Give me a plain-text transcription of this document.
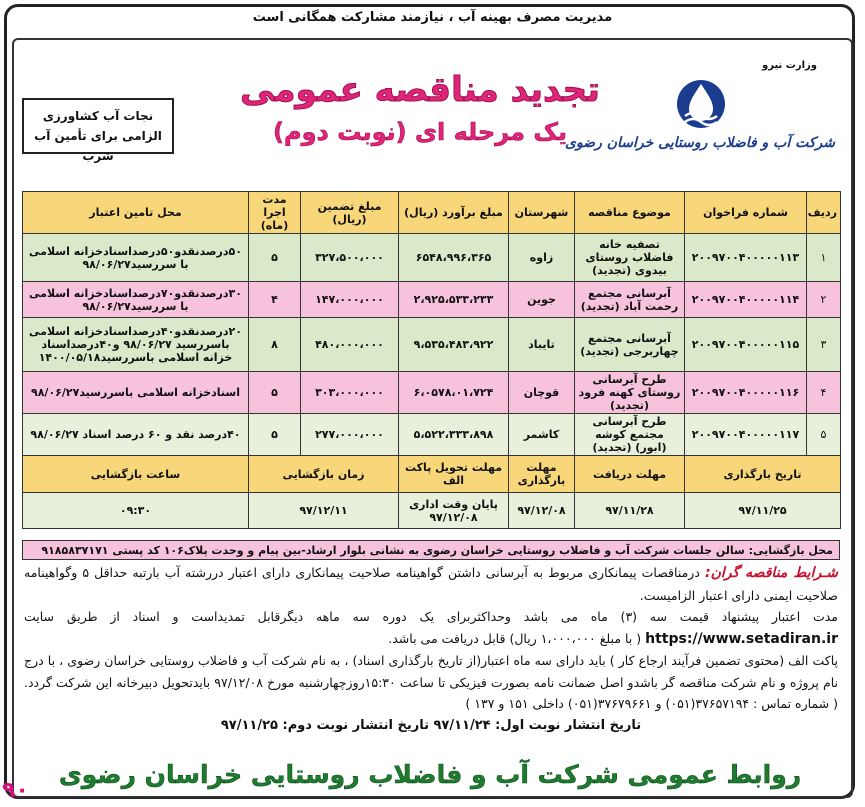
مدیریت مصرف بهینه آب ، نیازمند مشارکت همگانی است
وزارت نیرو
شرکت آب و فاضلاب روستایی خراسان رضوی
تجدید مناقصه عمومی
یک مرحله ای (نوبت دوم)
نجات آب کشاورزی
الزامی برای تأمین آب شرب
ردیف	شماره فراخوان	موضوع مناقصه	شهرستان	مبلغ برآورد (ریال)	مبلغ تضمین (ریال)	مدت اجرا (ماه)	محل تامین اعتبار
۱	۲۰۰۹۷۰۰۴۰۰۰۰۰۱۱۳	تصفیه خانه فاضلاب روستای بیدوی (تجدید)	زاوه	۶۵۴۸،۹۹۶،۳۶۵	۳۲۷،۵۰۰،۰۰۰	۵	۵۰درصدنقدو۵۰درصداسنادخزانه اسلامی با سررسید۹۸/۰۶/۲۷
۲	۲۰۰۹۷۰۰۴۰۰۰۰۰۱۱۴	آبرسانی مجتمع رحمت آباد (تجدید)	جوین	۲،۹۲۵،۵۳۳،۲۳۳	۱۴۷،۰۰۰،۰۰۰	۴	۳۰درصدنقدو۷۰درصداسنادخزانه اسلامی با سررسید۹۸/۰۶/۲۷
۳	۲۰۰۹۷۰۰۴۰۰۰۰۰۱۱۵	آبرسانی مجتمع چهاربرجی (تجدید)	تایباد	۹،۵۳۵،۴۸۳،۹۲۲	۴۸۰،۰۰۰،۰۰۰	۸	۲۰درصدنقدو۴۰درصداسنادخزانه اسلامی باسررسید ۹۸/۰۶/۲۷ و۴۰درصداسناد خزانه اسلامی باسررسید۱۴۰۰/۰۵/۱۸
۴	۲۰۰۹۷۰۰۴۰۰۰۰۰۱۱۶	طرح آبرسانی روستای کهنه فرود (تجدید)	قوچان	۶،۰۵۷۸،۰۱،۷۲۴	۳۰۳،۰۰۰،۰۰۰	۵	اسنادخزانه اسلامی باسررسید۹۸/۰۶/۲۷
۵	۲۰۰۹۷۰۰۴۰۰۰۰۰۱۱۷	طرح آبرسانی مجتمع کوشه (ابور) (تجدید)	کاشمر	۵،۵۲۲،۳۳۳،۸۹۸	۲۷۷،۰۰۰،۰۰۰	۵	۴۰درصد نقد و ۶۰ درصد اسناد ۹۸/۰۶/۲۷
تاریخ بارگذاری		مهلت دریافت	مهلت بارگذاری	مهلت تحویل پاکت الف	زمان بازگشایی		ساعت بازگشایی
۹۷/۱۱/۲۵		۹۷/۱۱/۲۸	۹۷/۱۲/۰۸	پایان وقت اداری ۹۷/۱۲/۰۸	۹۷/۱۲/۱۱		۰۹:۳۰
محل بازگشایی: سالن جلسات شرکت آب و فاضلاب روستایی خراسان رضوی به نشانی بلوار ارشاد-بین پیام و وحدت پلاک۱۰۶ کد پستی ۹۱۸۵۸۳۷۱۷۱

شـرایط مناقصه گران: درمناقصات پیمانکاری مربوط به آبرسانی داشتن گواهینامه صلاحیت پیمانکاری دارای اعتبار دررشته آب بارتبه حداقل ۵ وگواهینامه صلاحیت ایمنی دارای اعتبار الزامیست.

مدت اعتبار پیشنهاد قیمت سه (۳) ماه می باشد وحداکثربرای یک دوره سه ماهه دیگرقابل تمدیداست و اسناد از طریق سایت https://www.setadiran.ir ( با مبلغ ۱،۰۰۰،۰۰۰ ریال) قابل دریافت می باشد.

پاکت الف (محتوی تضمین فرآیند ارجاع کار ) باید دارای سه ماه اعتبار(از تاریخ بارگذاری اسناد) ، به نام شرکت آب و فاضلاب روستایی خراسان رضوی ، با درج نام پروژه و نام شرکت مناقصه گر باشدو اصل ضمانت نامه بصورت فیزیکی تا ساعت ۱۵:۳۰روزچهارشنبه مورخ ۹۷/۱۲/۰۸ بایدتحویل دبیرخانه این شرکت گردد. ( شماره تماس : ۳۷۶۵۷۱۹۴(۰۵۱) و ۳۷۶۷۹۶۶۱(۰۵۱) داخلی ۱۵۱ و ۱۳۷ )

تاریخ انتشار نوبت اول: ۹۷/۱۱/۲۴ تاریخ انتشار نوبت دوم: ۹۷/۱۱/۲۵

روابط عمومی شرکت آب و فاضلاب روستایی خراسان رضوی
۹۰
